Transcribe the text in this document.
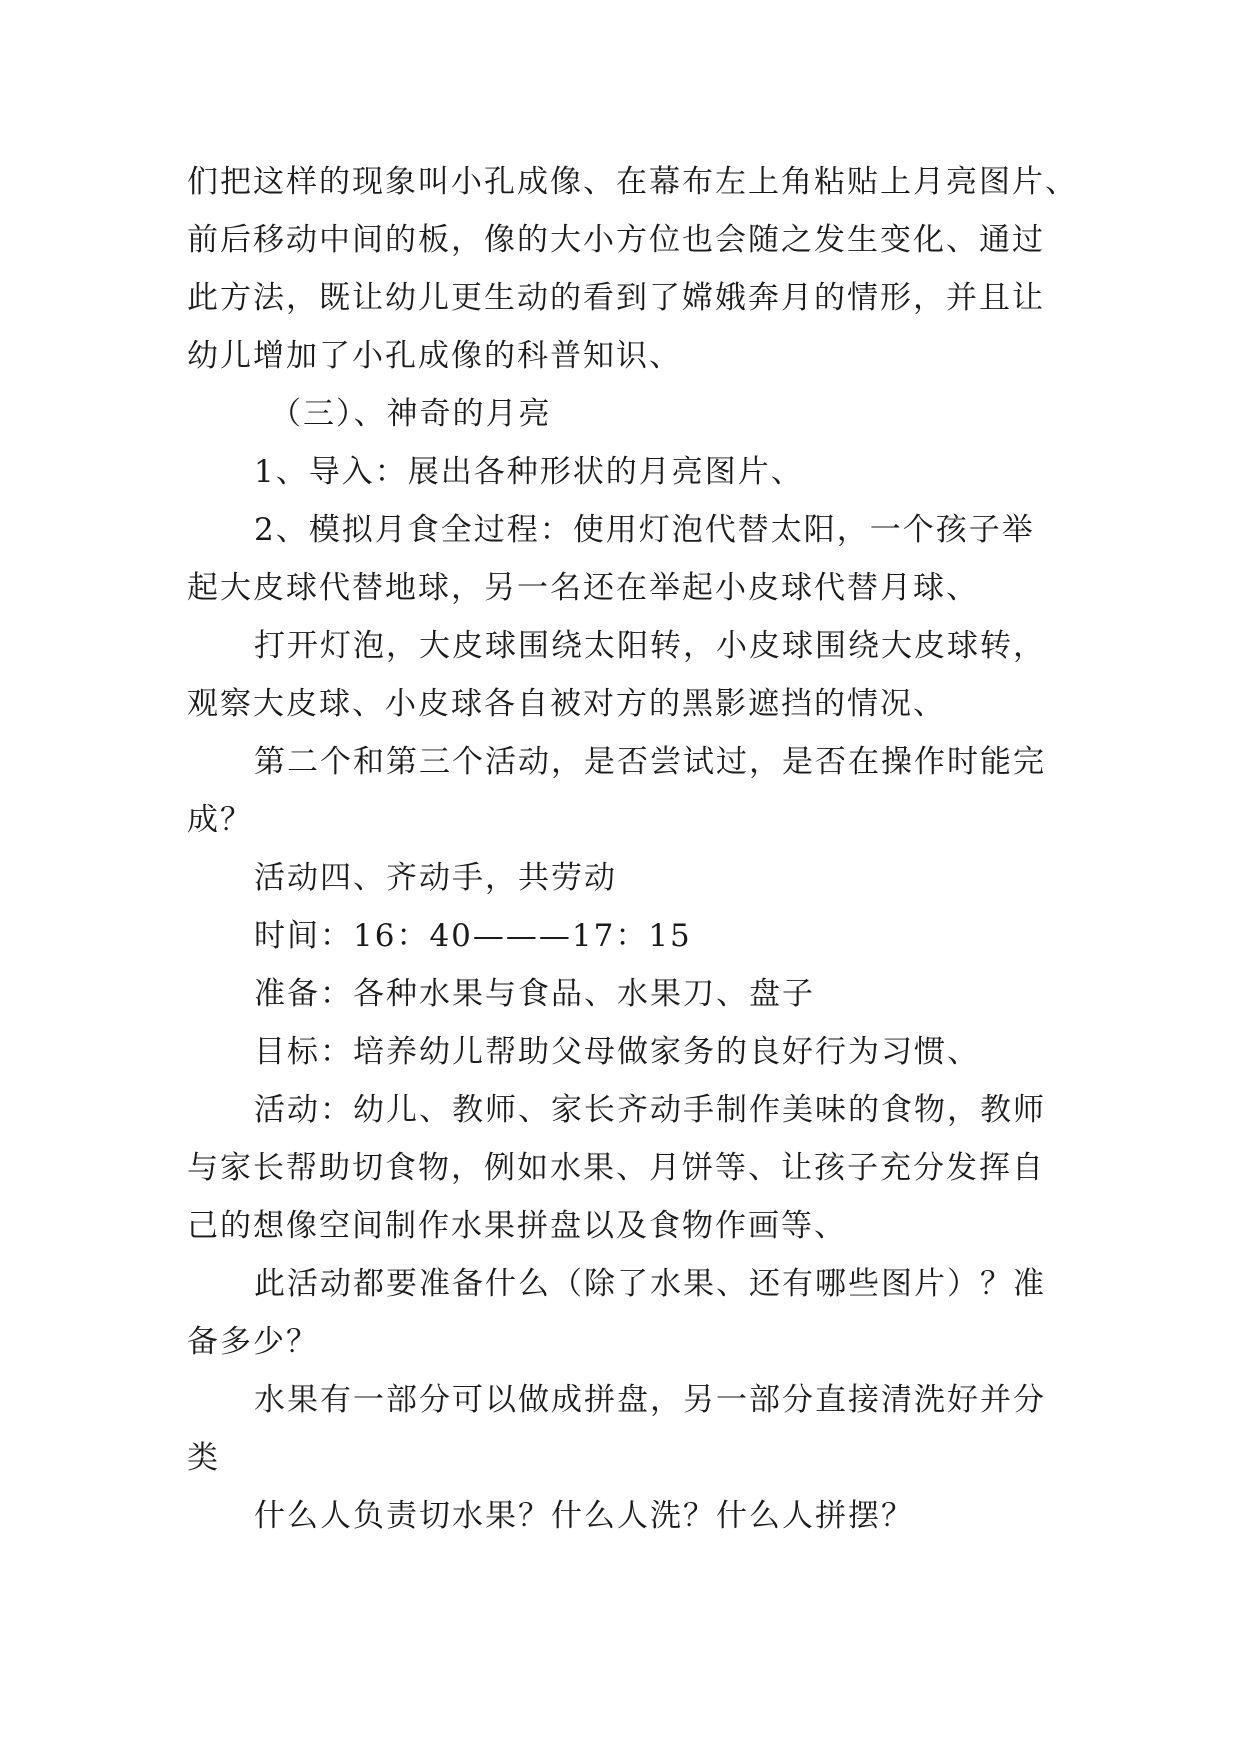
们把这样的现象叫小孔成像、在幕布左上角粘贴上月亮图片、
前后移动中间的板，像的大小方位也会随之发生变化、通过
此方法，既让幼儿更生动的看到了嫦娥奔月的情形，并且让
幼儿增加了小孔成像的科普知识、
（三）、神奇的月亮
1、导入：展出各种形状的月亮图片、
2、模拟月食全过程：使用灯泡代替太阳，一个孩子举
起大皮球代替地球，另一名还在举起小皮球代替月球、
打开灯泡，大皮球围绕太阳转，小皮球围绕大皮球转，
观察大皮球、小皮球各自被对方的黑影遮挡的情况、
第二个和第三个活动，是否尝试过，是否在操作时能完
成？
活动四、齐动手，共劳动
时间：16：40———17：15
准备：各种水果与食品、水果刀、盘子
目标：培养幼儿帮助父母做家务的良好行为习惯、
活动：幼儿、教师、家长齐动手制作美味的食物，教师
与家长帮助切食物，例如水果、月饼等、让孩子充分发挥自
己的想像空间制作水果拼盘以及食物作画等、
此活动都要准备什么（除了水果、还有哪些图片）？准
备多少？
水果有一部分可以做成拼盘，另一部分直接清洗好并分
类
什么人负责切水果？什么人洗？什么人拼摆？
